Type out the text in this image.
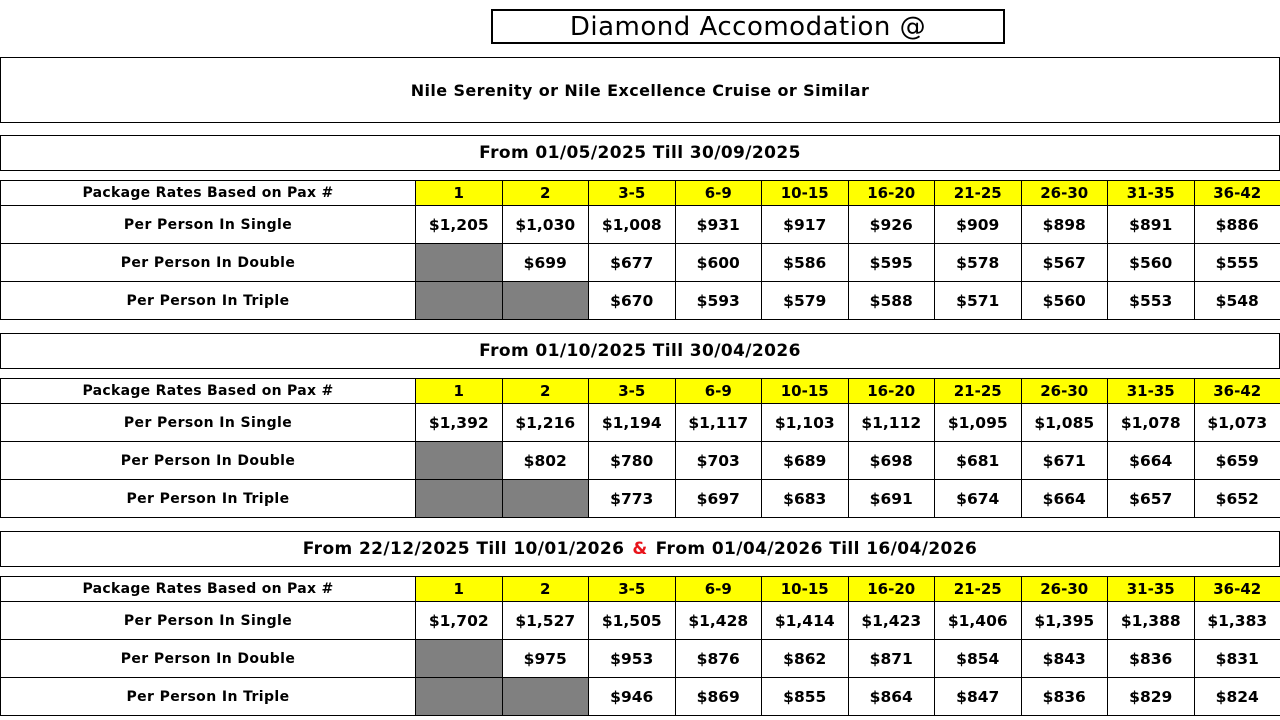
Diamond Accomodation @
Nile Serenity or Nile Excellence Cruise or Similar
From 01/05/2025 Till 30/09/2025
Package Rates Based on Pax #	1	2	3-5	6-9	10-15	16-20	21-25	26-30	31-35	36-42
Per Person In Single	$1,205	$1,030	$1,008	$931	$917	$926	$909	$898	$891	$886
Per Person In Double		$699	$677	$600	$586	$595	$578	$567	$560	$555
Per Person In Triple			$670	$593	$579	$588	$571	$560	$553	$548
From 01/10/2025 Till 30/04/2026
Package Rates Based on Pax #	1	2	3-5	6-9	10-15	16-20	21-25	26-30	31-35	36-42
Per Person In Single	$1,392	$1,216	$1,194	$1,117	$1,103	$1,112	$1,095	$1,085	$1,078	$1,073
Per Person In Double		$802	$780	$703	$689	$698	$681	$671	$664	$659
Per Person In Triple			$773	$697	$683	$691	$674	$664	$657	$652
From 22/12/2025 Till 10/01/2026 & From 01/04/2026 Till 16/04/2026
Package Rates Based on Pax #	1	2	3-5	6-9	10-15	16-20	21-25	26-30	31-35	36-42
Per Person In Single	$1,702	$1,527	$1,505	$1,428	$1,414	$1,423	$1,406	$1,395	$1,388	$1,383
Per Person In Double		$975	$953	$876	$862	$871	$854	$843	$836	$831
Per Person In Triple			$946	$869	$855	$864	$847	$836	$829	$824
